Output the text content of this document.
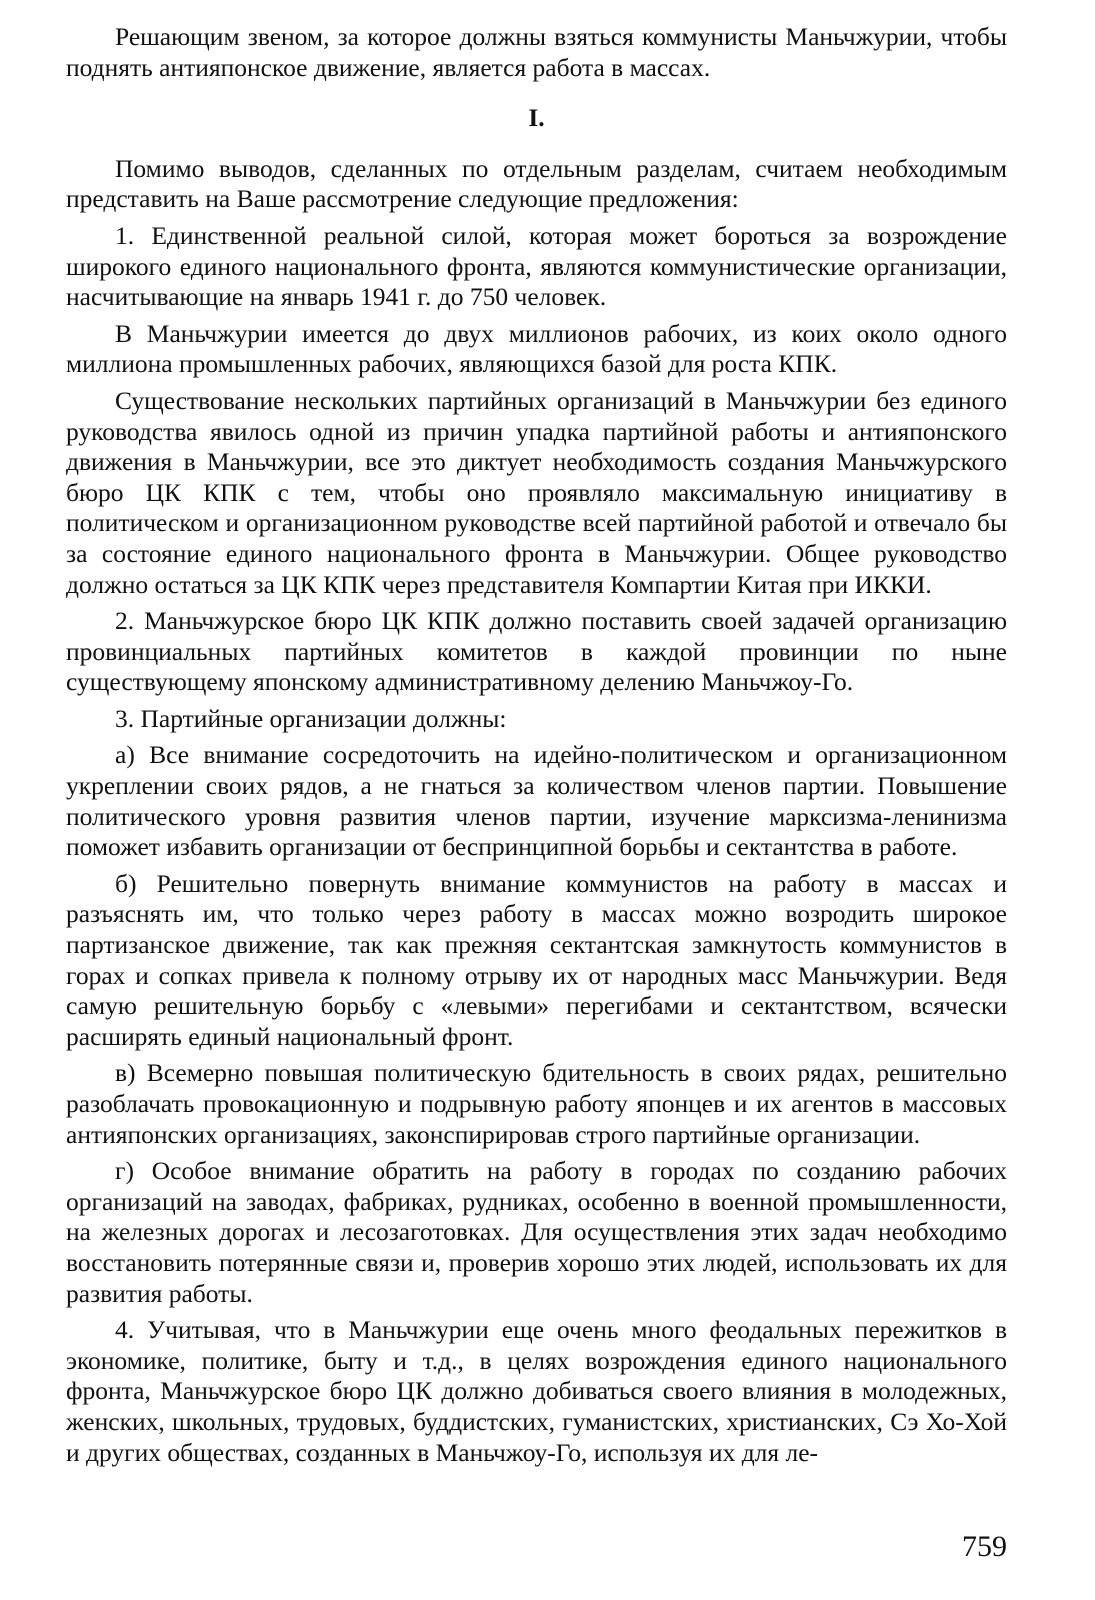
Решающим звеном, за которое должны взяться коммунисты Маньчжурии, чтобы поднять антияпонское движение, является работа в массах.

I.

Помимо выводов, сделанных по отдельным разделам, считаем необходимым представить на Ваше рассмотрение следующие предложения:

1. Единственной реальной силой, которая может бороться за возрождение широкого единого национального фронта, являются коммунистические организации, насчитывающие на январь 1941 г. до 750 человек.

В Маньчжурии имеется до двух миллионов рабочих, из коих около одного миллиона промышленных рабочих, являющихся базой для роста КПК.

Существование нескольких партийных организаций в Маньчжурии без единого руководства явилось одной из причин упадка партийной работы и антияпонского движения в Маньчжурии, все это диктует необходимость создания Маньчжурского бюро ЦК КПК с тем, чтобы оно проявляло максимальную инициативу в политическом и организационном руководстве всей партийной работой и отвечало бы за состояние единого национального фронта в Маньчжурии. Общее руководство должно остаться за ЦК КПК через представителя Компартии Китая при ИККИ.

2. Маньчжурское бюро ЦК КПК должно поставить своей задачей организацию провинциальных партийных комитетов в каждой провинции по ныне существующему японскому административному делению Маньчжоу-Го.

3. Партийные организации должны:

а) Все внимание сосредоточить на идейно-политическом и организационном укреплении своих рядов, а не гнаться за количеством членов партии. Повышение политического уровня развития членов партии, изучение марксизма-ленинизма поможет избавить организации от беспринципной борьбы и сектантства в работе.

б) Решительно повернуть внимание коммунистов на работу в массах и разъяснять им, что только через работу в массах можно возродить широкое партизанское движение, так как прежняя сектантская замкнутость коммунистов в горах и сопках привела к полному отрыву их от народных масс Маньчжурии. Ведя самую решительную борьбу с «левыми» перегибами и сектантством, всячески расширять единый национальный фронт.

в) Всемерно повышая политическую бдительность в своих рядах, решительно разоблачать провокационную и подрывную работу японцев и их агентов в массовых антияпонских организациях, законспирировав строго партийные организации.

г) Особое внимание обратить на работу в городах по созданию рабочих организаций на заводах, фабриках, рудниках, особенно в военной промышленности, на железных дорогах и лесозаготовках. Для осуществления этих задач необходимо восстановить потерянные связи и, проверив хорошо этих людей, использовать их для развития работы.

4. Учитывая, что в Маньчжурии еще очень много феодальных пережитков в экономике, политике, быту и т.д., в целях возрождения единого национального фронта, Маньчжурское бюро ЦК должно добиваться своего влияния в молодежных, женских, школьных, трудовых, буддистских, гуманистских, христианских, Сэ Хо-Хой и других обществах, созданных в Маньчжоу-Го, используя их для ле-

759
